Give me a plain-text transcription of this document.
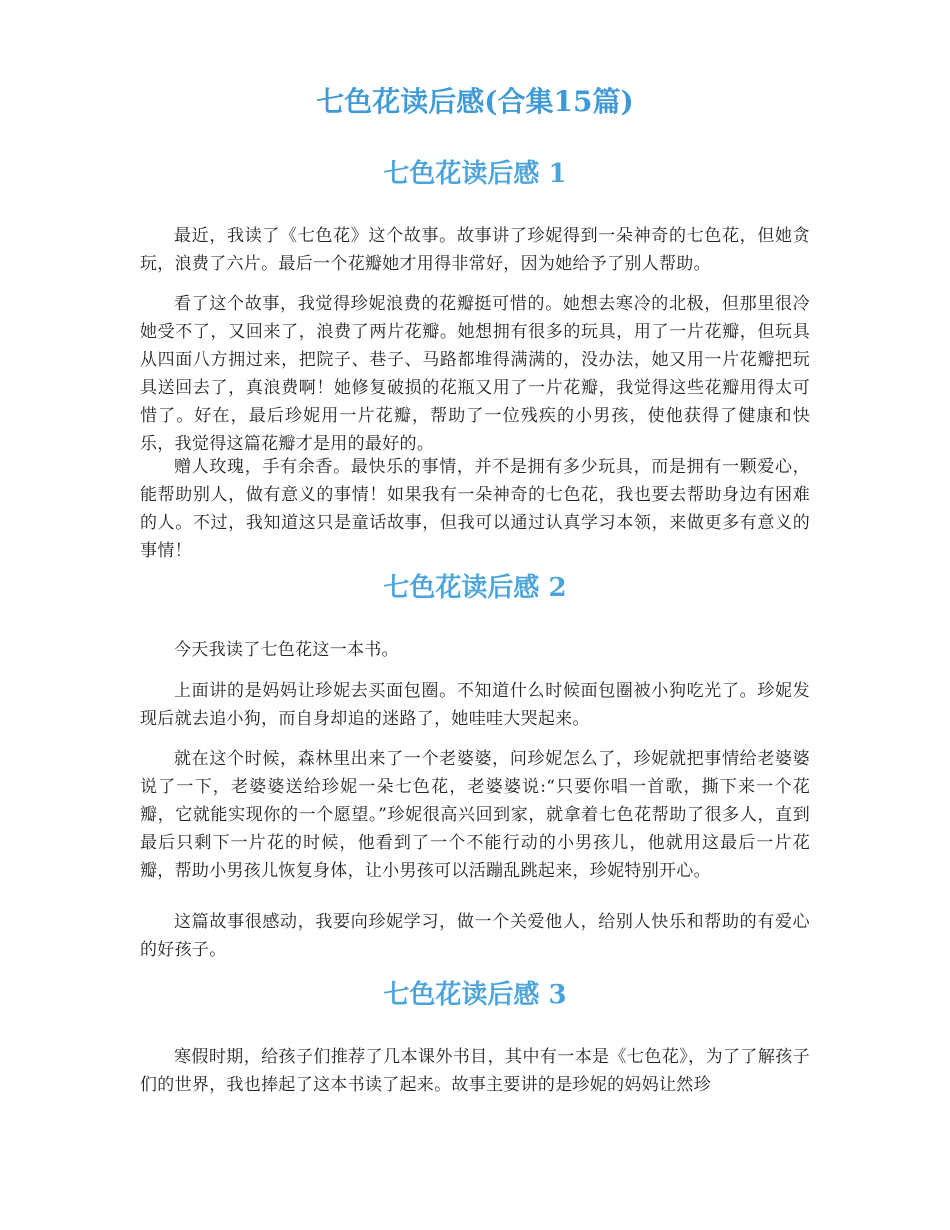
七色花读后感(合集15篇)
七色花读后感 1

最近，我读了《七色花》这个故事。故事讲了珍妮得到一朵神奇的七色花，但她贪玩，浪费了六片。最后一个花瓣她才用得非常好，因为她给予了别人帮助。

看了这个故事，我觉得珍妮浪费的花瓣挺可惜的。她想去寒冷的北极，但那里很冷她受不了，又回来了，浪费了两片花瓣。她想拥有很多的玩具，用了一片花瓣，但玩具从四面八方拥过来，把院子、巷子、马路都堆得满满的，没办法，她又用一片花瓣把玩具送回去了，真浪费啊！她修复破损的花瓶又用了一片花瓣，我觉得这些花瓣用得太可惜了。好在，最后珍妮用一片花瓣，帮助了一位残疾的小男孩，使他获得了健康和快乐，我觉得这篇花瓣才是用的最好的。

赠人玫瑰，手有余香。最快乐的事情，并不是拥有多少玩具，而是拥有一颗爱心，能帮助别人，做有意义的事情！如果我有一朵神奇的七色花，我也要去帮助身边有困难的人。不过，我知道这只是童话故事，但我可以通过认真学习本领，来做更多有意义的事情！

七色花读后感 2

今天我读了七色花这一本书。

上面讲的是妈妈让珍妮去买面包圈。不知道什么时候面包圈被小狗吃光了。珍妮发现后就去追小狗，而自身却追的迷路了，她哇哇大哭起来。

就在这个时候，森林里出来了一个老婆婆，问珍妮怎么了，珍妮就把事情给老婆婆说了一下，老婆婆送给珍妮一朵七色花，老婆婆说:“只要你唱一首歌，撕下来一个花瓣，它就能实现你的一个愿望。”珍妮很高兴回到家，就拿着七色花帮助了很多人，直到最后只剩下一片花的时候，他看到了一个不能行动的小男孩儿，他就用这最后一片花瓣，帮助小男孩儿恢复身体，让小男孩可以活蹦乱跳起来，珍妮特别开心。

这篇故事很感动，我要向珍妮学习，做一个关爱他人，给别人快乐和帮助的有爱心的好孩子。

七色花读后感 3

寒假时期，给孩子们推荐了几本课外书目，其中有一本是《七色花》，为了了解孩子们的世界，我也捧起了这本书读了起来。故事主要讲的是珍妮的妈妈让然珍
